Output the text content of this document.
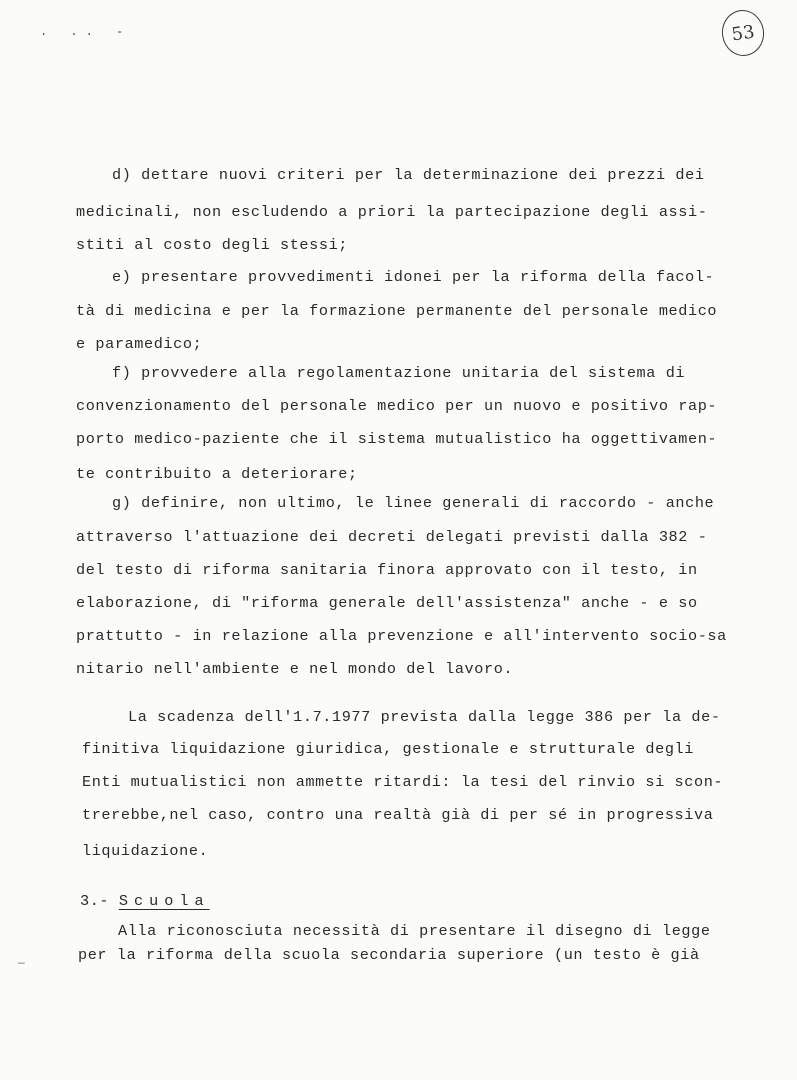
. .. -	53
d) dettare nuovi criteri per la determinazione dei prezzi dei
medicinali, non escludendo a priori la partecipazione degli assi-
stiti al costo degli stessi;
e) presentare provvedimenti idonei per la riforma della facol-
tà di medicina e per la formazione permanente del personale medico
e paramedico;
f) provvedere alla regolamentazione unitaria del sistema di
convenzionamento del personale medico per un nuovo e positivo rap-
porto medico-paziente che il sistema mutualistico ha oggettivamen-
te contribuito a deteriorare;
g) definire, non ultimo, le linee generali di raccordo - anche
attraverso l'attuazione dei decreti delegati previsti dalla 382 -
del testo di riforma sanitaria finora approvato con il testo, in
elaborazione, di "riforma generale dell'assistenza" anche - e so
prattutto - in relazione alla prevenzione e all'intervento socio-sa
nitario nell'ambiente e nel mondo del lavoro.
La scadenza dell'1.7.1977 prevista dalla legge 386 per la de-
finitiva liquidazione giuridica, gestionale e strutturale degli
Enti mutualistici non ammette ritardi: la tesi del rinvio si scon-
trerebbe,nel caso, contro una realtà già di per sé in progressiva
liquidazione.
3.- Scuola
Alla riconosciuta necessità di presentare il disegno di legge
per la riforma della scuola secondaria superiore (un testo è già
—
